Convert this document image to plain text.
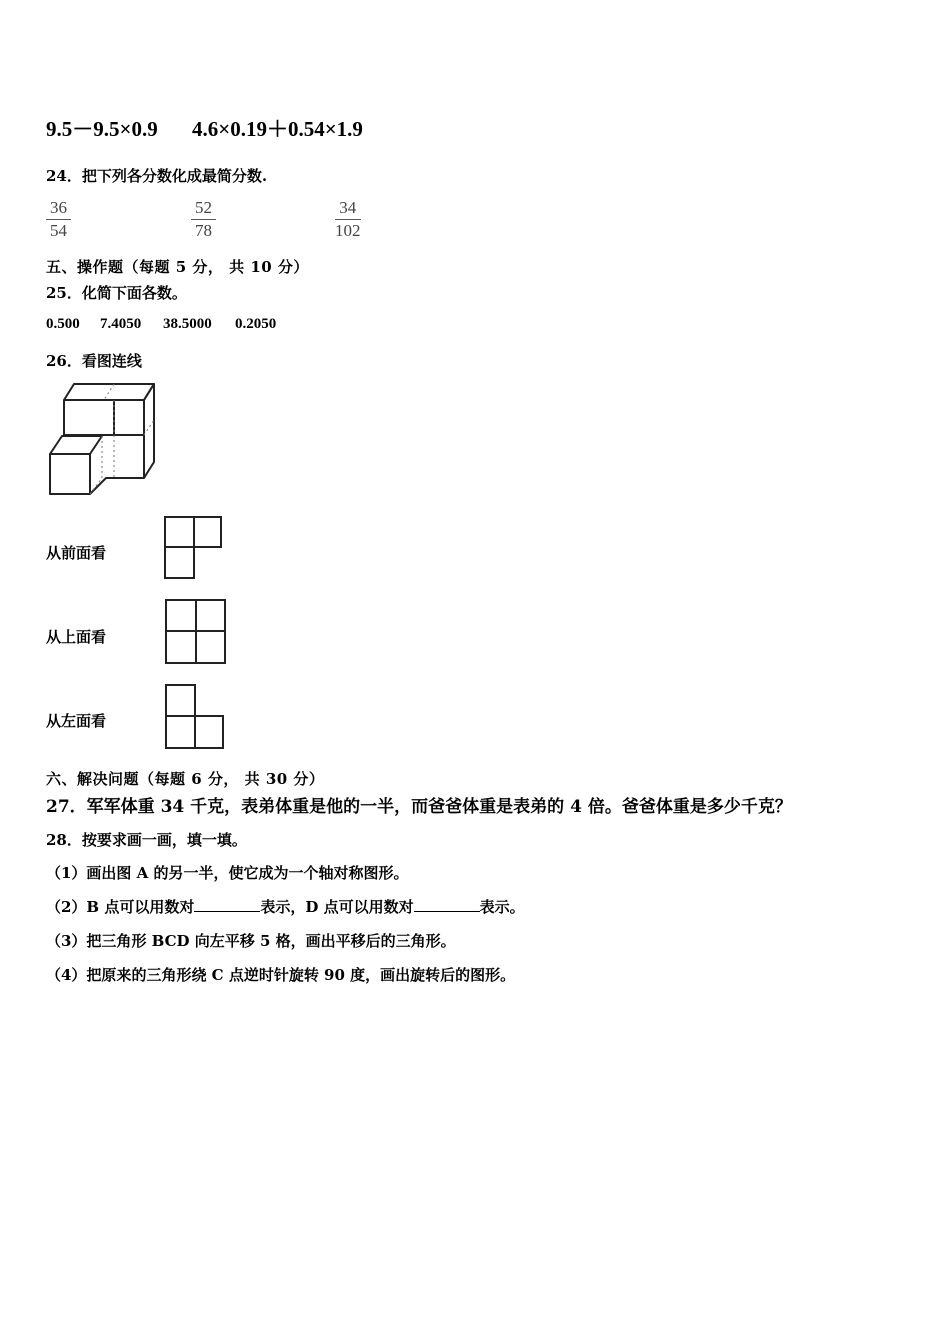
9.5－9.5×0.9 4.6×0.19＋0.54×1.9
24．把下列各分数化成最简分数.
$\frac{36}{54}$	$\frac{52}{78}$	$\frac{34}{102}$
五、操作题（每题 5 分， 共 10 分）
25．化简下面各数。
0.500 7.4050 38.5000 0.2050
26．看图连线
从前面看
从上面看
从左面看
六、解决问题（每题 6 分， 共 30 分）
27．军军体重 34 千克，表弟体重是他的一半，而爸爸体重是表弟的 4 倍。爸爸体重是多少千克？
28．按要求画一画，填一填。
（1）画出图 A 的另一半，使它成为一个轴对称图形。
（2）B 点可以用数对	表示，D 点可以用数对	表示。
（3）把三角形 BCD 向左平移 5 格，画出平移后的三角形。
（4）把原来的三角形绕 C 点逆时针旋转 90 度，画出旋转后的图形。
